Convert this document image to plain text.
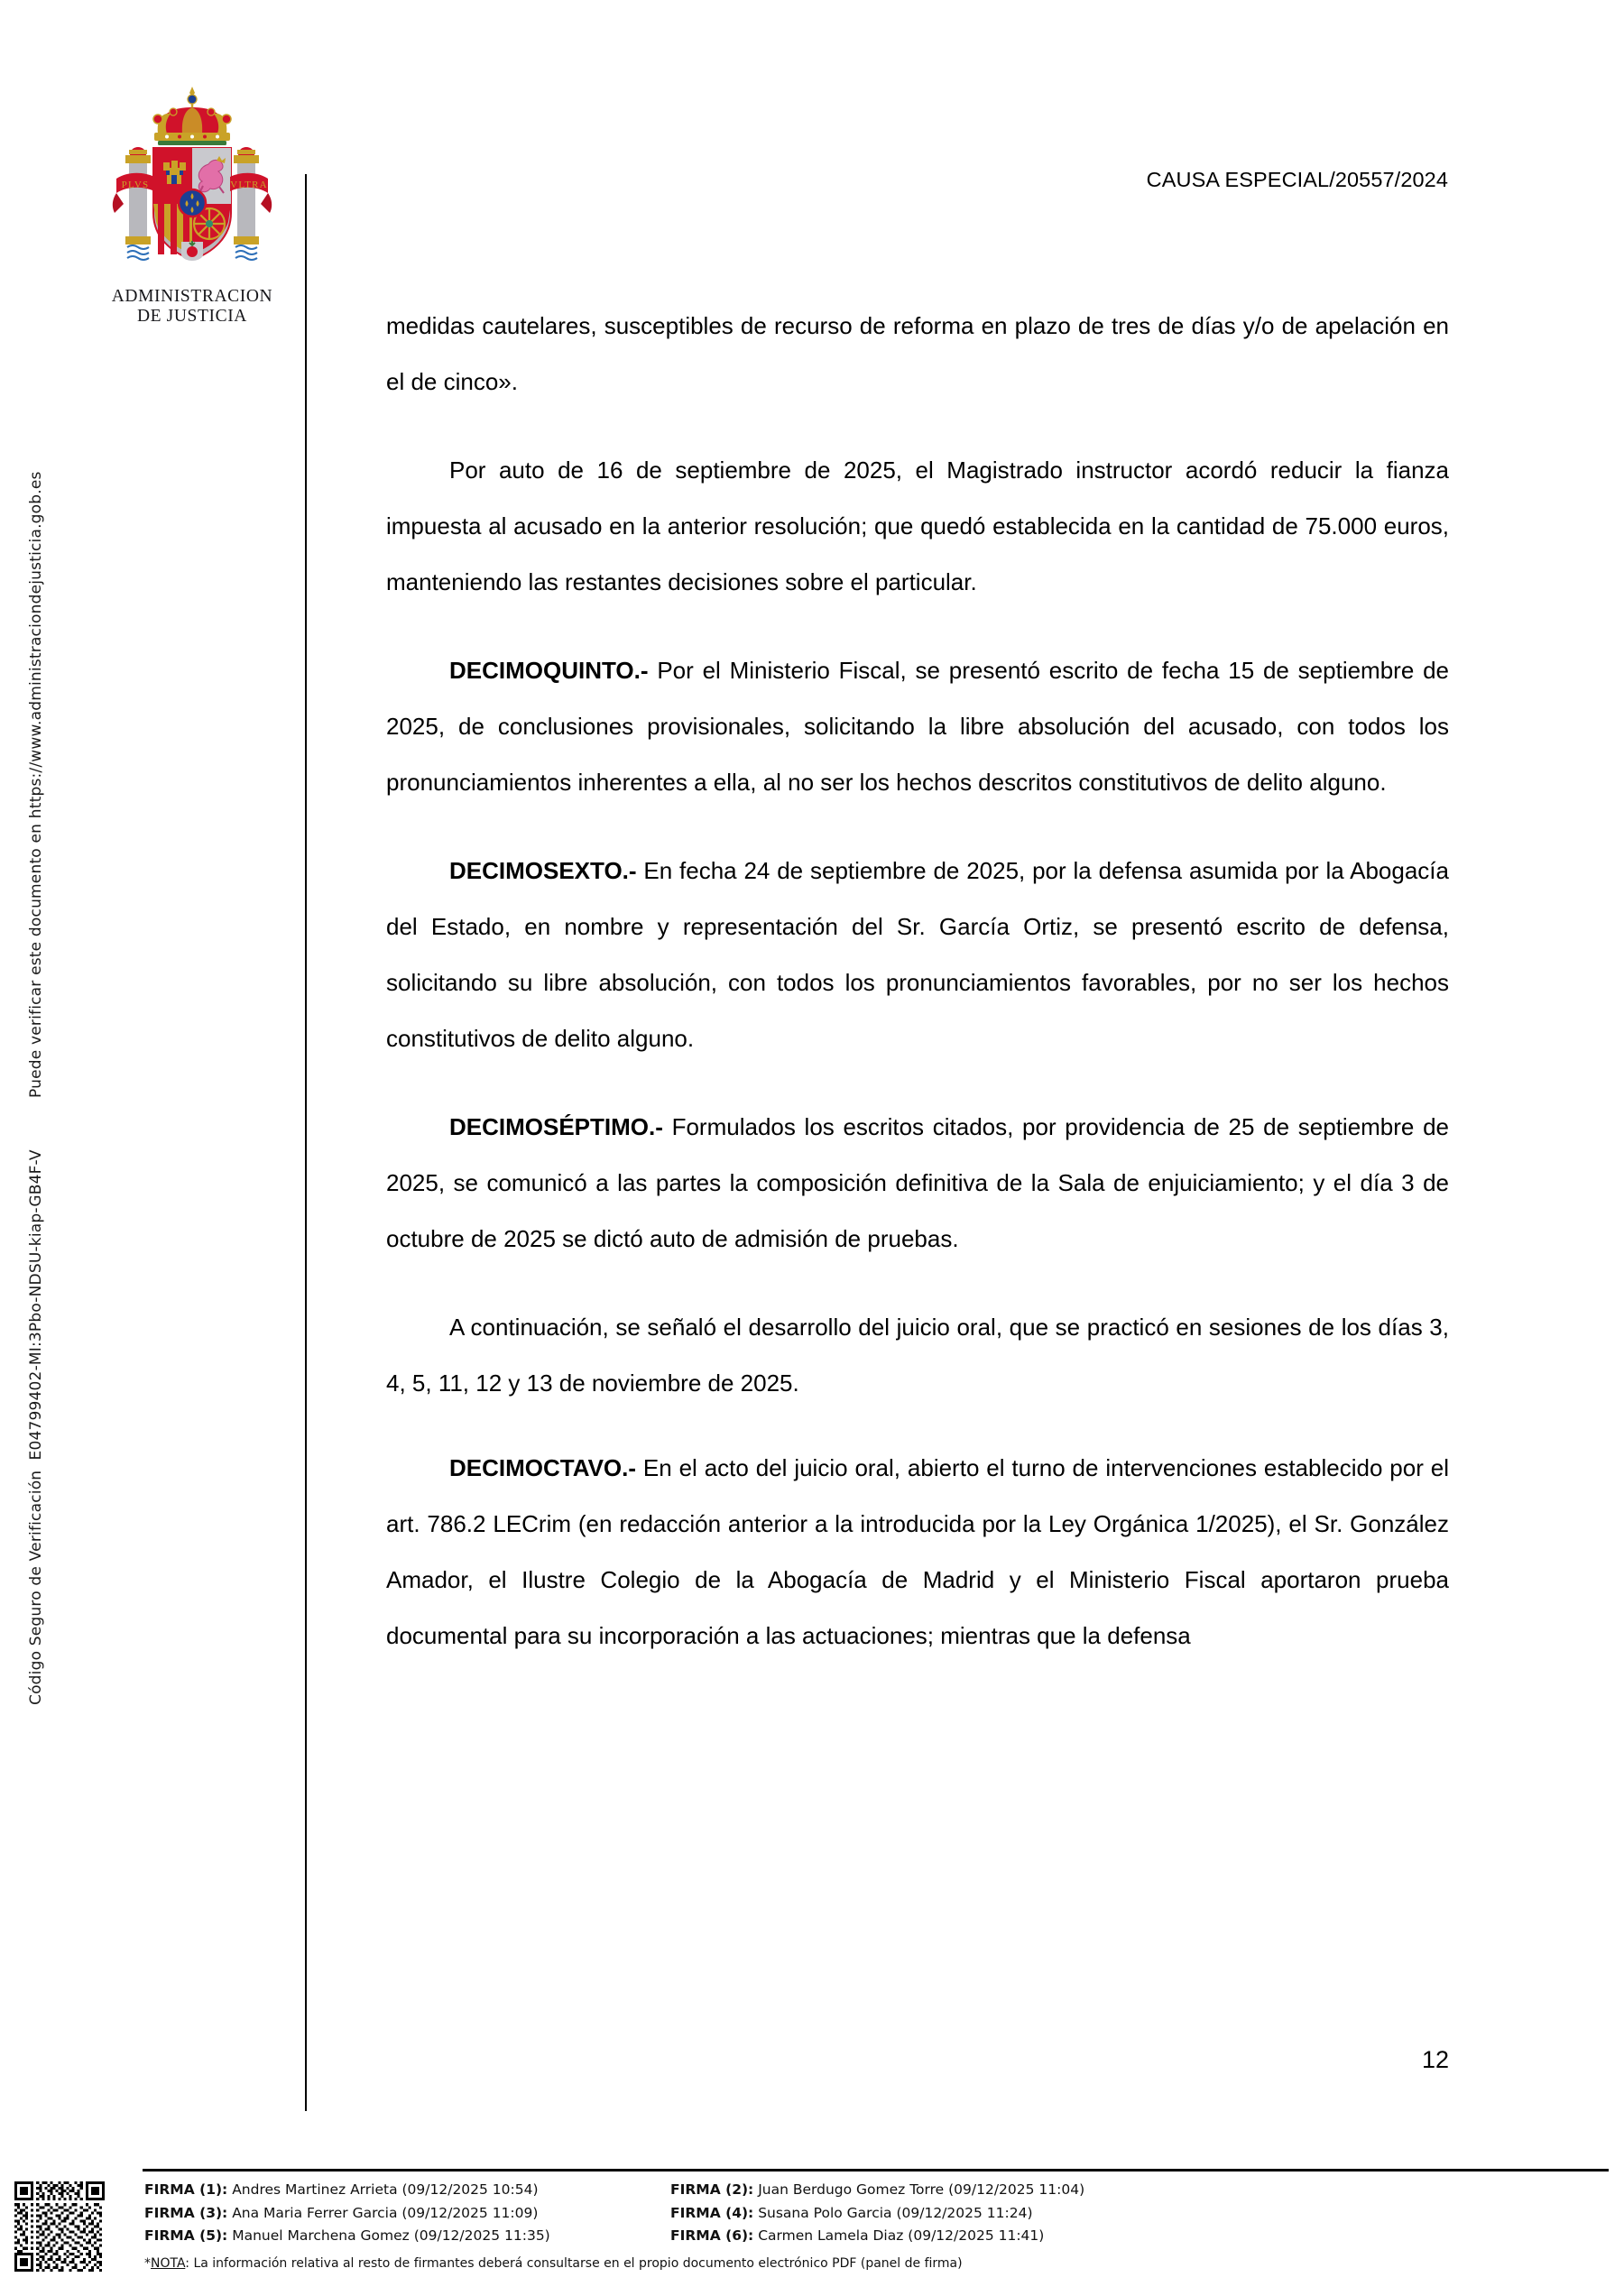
Código Seguro de Verificación  E04799402-MI:3Pbo-NDSU-kiap-GB4F-V  Puede verificar este documento en https://www.administraciondejusticia.gob.es
PLVS	VLTRA
ADMINISTRACION
DE JUSTICIA
CAUSA ESPECIAL/20557/2024

medidas cautelares, susceptibles de recurso de reforma en plazo de tres de días y/o de apelación en el de cinco».

Por auto de 16 de septiembre de 2025, el Magistrado instructor acordó reducir la fianza impuesta al acusado en la anterior resolución; que quedó establecida en la cantidad de 75.000 euros, manteniendo las restantes decisiones sobre el particular.

DECIMOQUINTO.- Por el Ministerio Fiscal, se presentó escrito de fecha 15 de septiembre de 2025, de conclusiones provisionales, solicitando la libre absolución del acusado, con todos los pronunciamientos inherentes a ella, al no ser los hechos descritos constitutivos de delito alguno.

DECIMOSEXTO.- En fecha 24 de septiembre de 2025, por la defensa asumida por la Abogacía del Estado, en nombre y representación del Sr. García Ortiz, se presentó escrito de defensa, solicitando su libre absolución, con todos los pronunciamientos favorables, por no ser los hechos constitutivos de delito alguno.

DECIMOSÉPTIMO.- Formulados los escritos citados, por providencia de 25 de septiembre de 2025, se comunicó a las partes la composición definitiva de la Sala de enjuiciamiento; y el día 3 de octubre de 2025 se dictó auto de admisión de pruebas.

A continuación, se señaló el desarrollo del juicio oral, que se practicó en sesiones de los días 3, 4, 5, 11, 12 y 13 de noviembre de 2025.

DECIMOCTAVO.- En el acto del juicio oral, abierto el turno de intervenciones establecido por el art. 786.2 LECrim (en redacción anterior a la introducida por la Ley Orgánica 1/2025), el Sr. González Amador, el Ilustre Colegio de la Abogacía de Madrid y el Ministerio Fiscal aportaron prueba documental para su incorporación a las actuaciones; mientras que la defensa

12
FIRMA (1): Andres Martinez Arrieta (09/12/2025 10:54)	FIRMA (2): Juan Berdugo Gomez Torre (09/12/2025 11:04)
FIRMA (3): Ana Maria Ferrer Garcia (09/12/2025 11:09)	FIRMA (4): Susana Polo Garcia (09/12/2025 11:24)
FIRMA (5): Manuel Marchena Gomez (09/12/2025 11:35)	FIRMA (6): Carmen Lamela Diaz (09/12/2025 11:41)
*NOTA: La información relativa al resto de firmantes deberá consultarse en el propio documento electrónico PDF (panel de firma)
